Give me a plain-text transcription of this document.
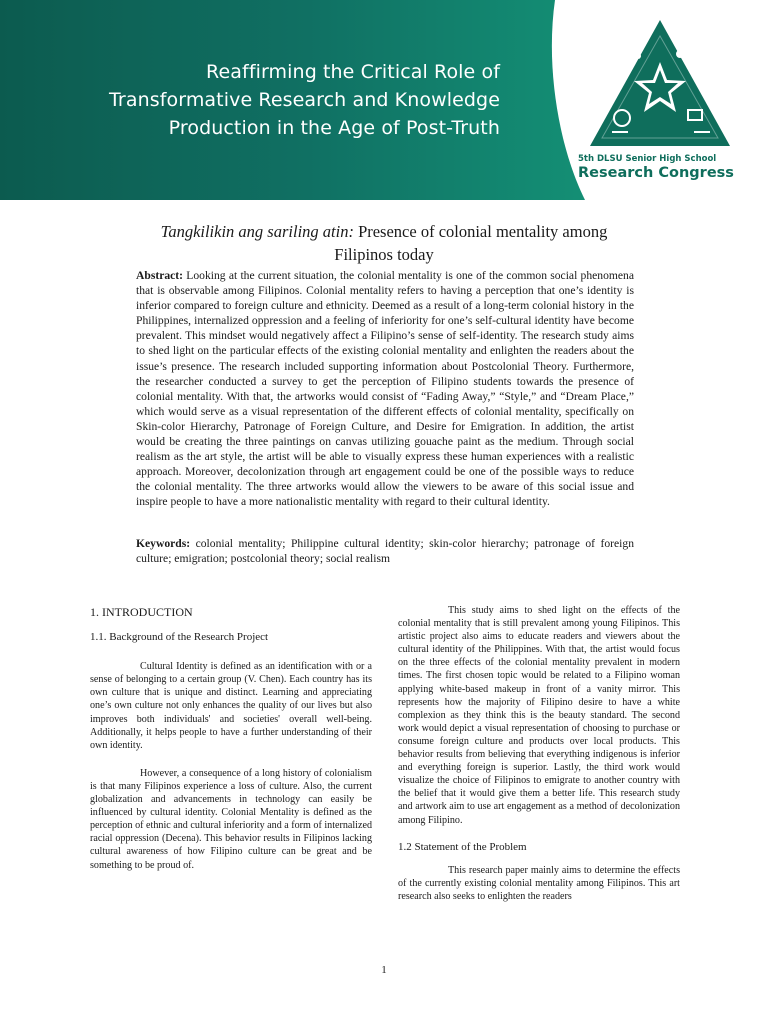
Reaffirming the Critical Role of
Transformative Research and Knowledge
Production in the Age of Post-Truth
5th DLSU Senior High School
Research Congress
Tangkilikin ang sariling atin: Presence of colonial mentality among
Filipinos today
Abstract: Looking at the current situation, the colonial mentality is one of the common social phenomena that is observable among Filipinos. Colonial mentality refers to having a perception that one’s identity is inferior compared to foreign culture and ethnicity. Deemed as a result of a long-term colonial history in the Philippines, internalized oppression and a feeling of inferiority for one’s self-cultural identity have become prevalent. This mindset would negatively affect a Filipino’s sense of self-identity. The research study aims to shed light on the particular effects of the existing colonial mentality and enlighten the readers about the issue’s presence. The research included supporting information about Postcolonial Theory. Furthermore, the researcher conducted a survey to get the perception of Filipino students towards the presence of colonial mentality. With that, the artworks would consist of “Fading Away,” “Style,” and “Dream Place,” which would serve as a visual representation of the different effects of colonial mentality, specifically on Skin-color Hierarchy, Patronage of Foreign Culture, and Desire for Emigration. In addition, the artist would be creating the three paintings on canvas utilizing gouache paint as the medium. Through social realism as the art style, the artist will be able to visually express these human experiences with a realistic approach. Moreover, decolonization through art engagement could be one of the possible ways to reduce the colonial mentality. The three artworks would allow the viewers to be aware of this social issue and inspire people to have a more nationalistic mentality with regard to their cultural identity.
Keywords: colonial mentality; Philippine cultural identity; skin-color hierarchy; patronage of foreign culture; emigration; postcolonial theory; social realism
1. INTRODUCTION
1.1. Background of the Research Project

Cultural Identity is defined as an identification with or a sense of belonging to a certain group (V. Chen). Each country has its own culture that is unique and distinct. Learning and appreciating one’s own culture not only enhances the quality of our lives but also improves both individuals' and societies' overall well-being. Additionally, it helps people to have a further understanding of their own identity.

However, a consequence of a long history of colonialism is that many Filipinos experience a loss of culture. Also, the current globalization and advancements in technology can easily be influenced by cultural identity. Colonial Mentality is defined as the perception of ethnic and cultural inferiority and a form of internalized racial oppression (Decena). This behavior results in Filipinos lacking cultural awareness of how Filipino culture can be great and be something to be proud of.

This study aims to shed light on the effects of the colonial mentality that is still prevalent among young Filipinos. This artistic project also aims to educate readers and viewers about the cultural identity of the Philippines. With that, the artist would focus on the three effects of the colonial mentality prevalent in modern times. The first chosen topic would be related to a Filipino woman applying white-based makeup in front of a vanity mirror. This represents how the majority of Filipino desire to have a white complexion as they think this is the beauty standard. The second work would depict a visual representation of choosing to purchase or consume foreign culture and products over local products. This behavior results from believing that everything indigenous is inferior and everything foreign is superior. Lastly, the third work would visualize the choice of Filipinos to emigrate to another country with the belief that it would give them a better life. This research study and artwork aim to use art engagement as a method of decolonization among Filipino.

1.2 Statement of the Problem

This research paper mainly aims to determine the effects of the currently existing colonial mentality among Filipinos. This art research also seeks to enlighten the readers

1
